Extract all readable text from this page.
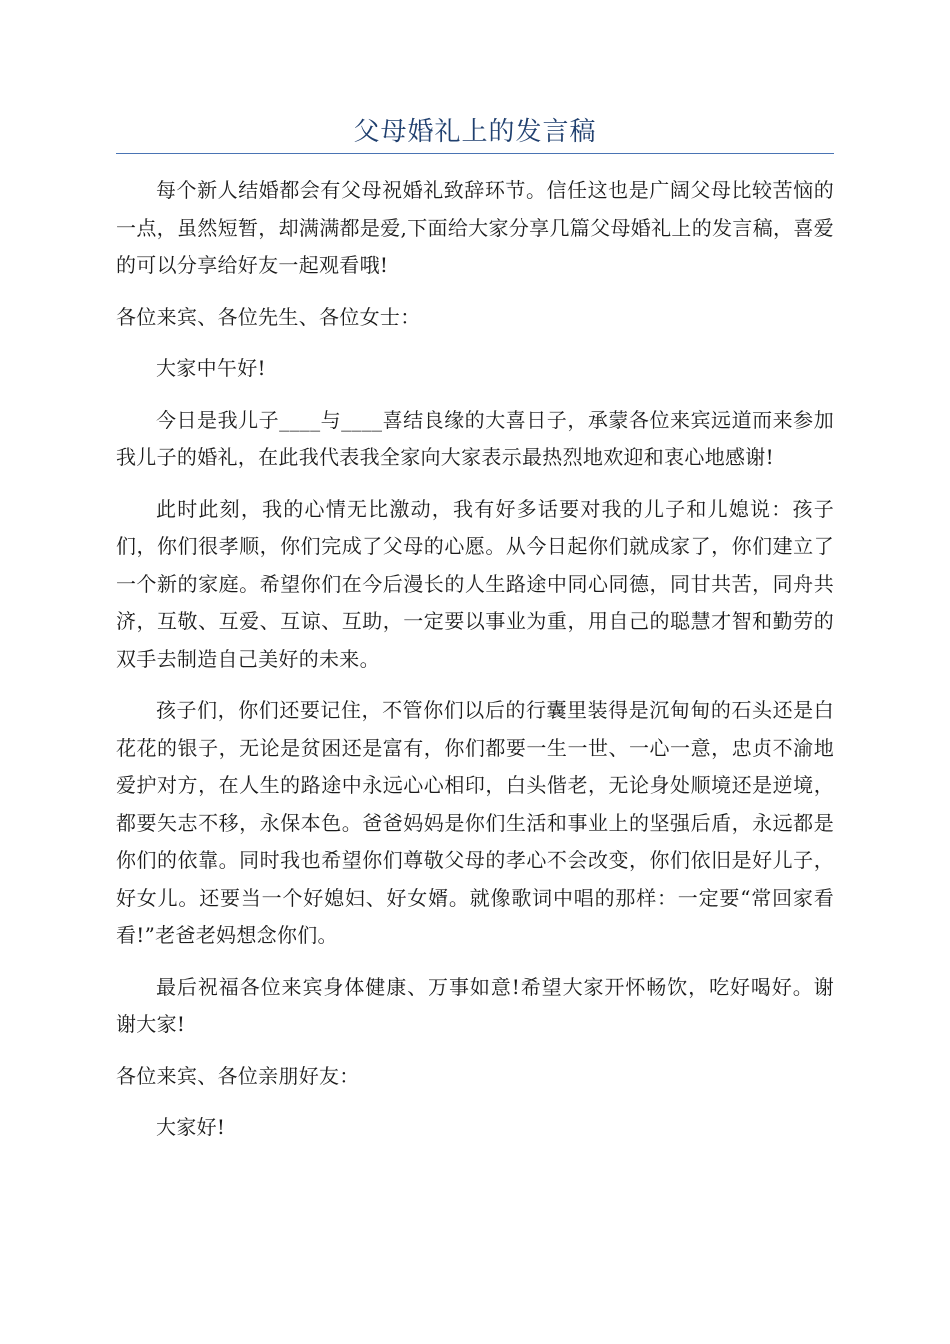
父母婚礼上的发言稿

每个新人结婚都会有父母祝婚礼致辞环节。信任这也是广阔父母比较苦恼的一点，虽然短暂，却满满都是爱,下面给大家分享几篇父母婚礼上的发言稿，喜爱的可以分享给好友一起观看哦!

各位来宾、各位先生、各位女士：

大家中午好!

今日是我儿子____与____喜结良缘的大喜日子，承蒙各位来宾远道而来参加我儿子的婚礼，在此我代表我全家向大家表示最热烈地欢迎和衷心地感谢!

此时此刻，我的心情无比激动，我有好多话要对我的儿子和儿媳说：孩子们，你们很孝顺，你们完成了父母的心愿。从今日起你们就成家了，你们建立了一个新的家庭。希望你们在今后漫长的人生路途中同心同德，同甘共苦，同舟共济，互敬、互爱、互谅、互助，一定要以事业为重，用自己的聪慧才智和勤劳的双手去制造自己美好的未来。

孩子们，你们还要记住，不管你们以后的行囊里装得是沉甸甸的石头还是白花花的银子，无论是贫困还是富有，你们都要一生一世、一心一意，忠贞不渝地爱护对方，在人生的路途中永远心心相印，白头偕老，无论身处顺境还是逆境，都要矢志不移，永保本色。爸爸妈妈是你们生活和事业上的坚强后盾，永远都是你们的依靠。同时我也希望你们尊敬父母的孝心不会改变，你们依旧是好儿子，好女儿。还要当一个好媳妇、好女婿。就像歌词中唱的那样：一定要“常回家看看!”老爸老妈想念你们。

最后祝福各位来宾身体健康、万事如意!希望大家开怀畅饮，吃好喝好。谢谢大家!

各位来宾、各位亲朋好友：

大家好!
